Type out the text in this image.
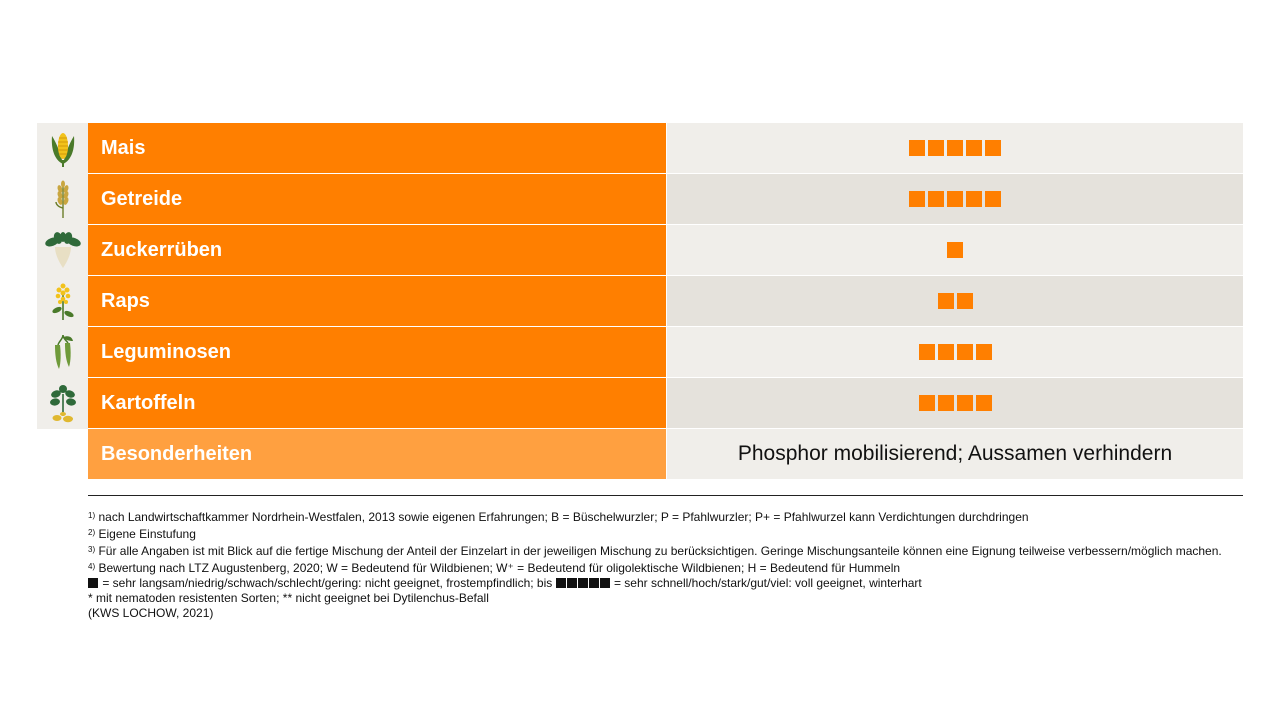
Mais
Getreide
Zuckerrüben
Raps
Leguminosen
Kartoffeln
Besonderheiten	Phosphor mobilisierend; Aussamen verhindern
$^{1)}$ nach Landwirtschaftkammer Nordrhein-Westfalen, 2013 sowie eigenen Erfahrungen; B = Büschelwurzler; P = Pfahlwurzler; P+ = Pfahlwurzel kann Verdichtungen durchdringen
$^{2)}$ Eigene Einstufung
$^{3)}$ Für alle Angaben ist mit Blick auf die fertige Mischung der Anteil der Einzelart in der jeweiligen Mischung zu berücksichtigen. Geringe Mischungsanteile können eine Eignung teilweise verbessern/möglich machen.
$^{4)}$ Bewertung nach LTZ Augustenberg, 2020; W = Bedeutend für Wildbienen; W⁺ = Bedeutend für oligolektische Wildbienen; H = Bedeutend für Hummeln
= sehr langsam/niedrig/schwach/schlecht/gering: nicht geeignet, frostempfindlich; bis	= sehr schnell/hoch/stark/gut/viel: voll geeignet, winterhart
* mit nematoden resistenten Sorten; ** nicht geeignet bei Dytilenchus-Befall
(KWS LOCHOW, 2021)
